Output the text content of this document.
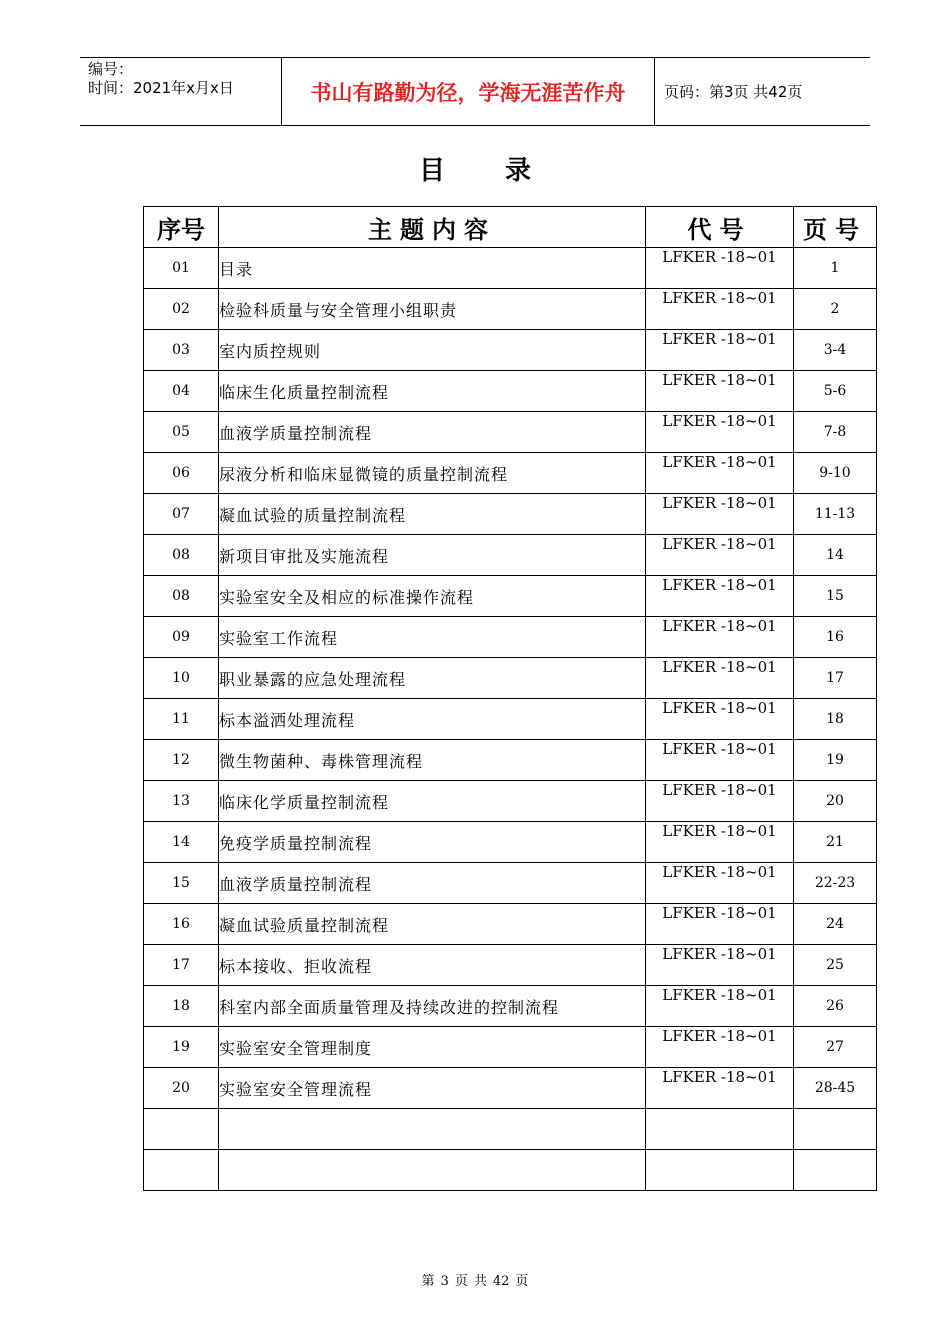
编号：
时间：2021年x月x日	书山有路勤为径，学海无涯苦作舟	页码：第3页 共42页
目录
序号	主题内容	代号	页号
01	目录	LFKER -18~01	1
02	检验科质量与安全管理小组职责	LFKER -18~01	2
03	室内质控规则	LFKER -18~01	3-4
04	临床生化质量控制流程	LFKER -18~01	5-6
05	血液学质量控制流程	LFKER -18~01	7-8
06	尿液分析和临床显微镜的质量控制流程	LFKER -18~01	9-10
07	凝血试验的质量控制流程	LFKER -18~01	11-13
08	新项目审批及实施流程	LFKER -18~01	14
08	实验室安全及相应的标准操作流程	LFKER -18~01	15
09	实验室工作流程	LFKER -18~01	16
10	职业暴露的应急处理流程	LFKER -18~01	17
11	标本溢洒处理流程	LFKER -18~01	18
12	微生物菌种、毒株管理流程	LFKER -18~01	19
13	临床化学质量控制流程	LFKER -18~01	20
14	免疫学质量控制流程	LFKER -18~01	21
15	血液学质量控制流程	LFKER -18~01	22-23
16	凝血试验质量控制流程	LFKER -18~01	24
17	标本接收、拒收流程	LFKER -18~01	25
18	科室内部全面质量管理及持续改进的控制流程	LFKER -18~01	26
19	实验室安全管理制度	LFKER -18~01	27
20	实验室安全管理流程	LFKER -18~01	28-45

第 3 页 共 42 页
